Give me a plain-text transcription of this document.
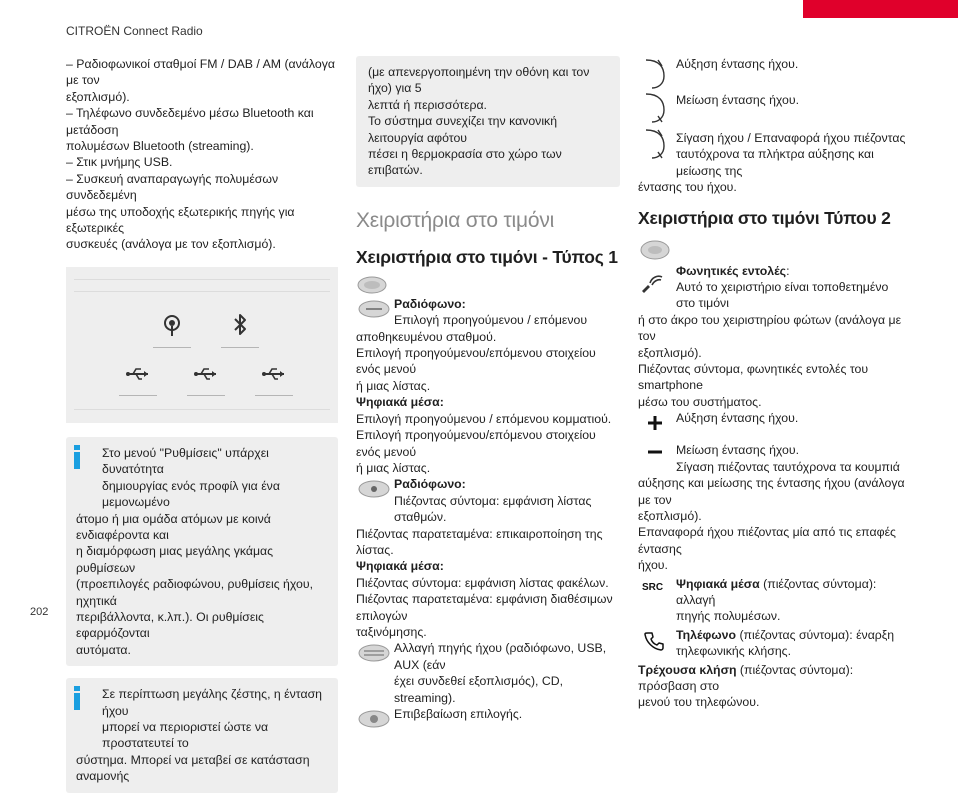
CITROËN Connect Radio

– Ραδιοφωνικοί σταθμοί FM / DAB / AM (ανάλογα με τον

εξοπλισμό).

– Τηλέφωνο συνδεδεμένο μέσω Bluetooth και μετάδοση

πολυμέσων Bluetooth (streaming).

– Στικ μνήμης USB.

– Συσκευή αναπαραγωγής πολυμέσων συνδεδεμένη

μέσω της υποδοχής εξωτερικής πηγής για εξωτερικές

συσκευές (ανάλογα με τον εξοπλισμό).

Στο μενού "Ρυθμίσεις" υπάρχει δυνατότητα

δημιουργίας ενός προφίλ για ένα μεμονωμένο

άτομο ή μια ομάδα ατόμων με κοινά ενδιαφέροντα και

η διαμόρφωση μιας μεγάλης γκάμας ρυθμίσεων

(προεπιλογές ραδιοφώνου, ρυθμίσεις ήχου, ηχητικά

περιβάλλοντα, κ.λπ.). Οι ρυθμίσεις εφαρμόζονται

αυτόματα.

Σε περίπτωση μεγάλης ζέστης, η ένταση ήχου

μπορεί να περιοριστεί ώστε να προστατευτεί το

σύστημα. Μπορεί να μεταβεί σε κατάσταση αναμονής

(με απενεργοποιημένη την οθόνη και τον ήχο) για 5

λεπτά ή περισσότερα.

Το σύστημα συνεχίζει την κανονική λειτουργία αφότου

πέσει η θερμοκρασία στο χώρο των επιβατών.

Χειριστήρια στο τιμόνι
Χειριστήρια στο τιμόνι - Τύπος 1

Ραδιόφωνο:

Επιλογή προηγούμενου / επόμενου

αποθηκευμένου σταθμού.

Επιλογή προηγούμενου/επόμενου στοιχείου ενός μενού

ή μιας λίστας.

Ψηφιακά μέσα:

Επιλογή προηγούμενου / επόμενου κομματιού.

Επιλογή προηγούμενου/επόμενου στοιχείου ενός μενού

ή μιας λίστας.

Ραδιόφωνο:

Πιέζοντας σύντομα: εμφάνιση λίστας σταθμών.

Πιέζοντας παρατεταμένα: επικαιροποίηση της λίστας.

Ψηφιακά μέσα:

Πιέζοντας σύντομα: εμφάνιση λίστας φακέλων.

Πιέζοντας παρατεταμένα: εμφάνιση διαθέσιμων επιλογών

ταξινόμησης.

Αλλαγή πηγής ήχου (ραδιόφωνο, USB, AUX (εάν

έχει συνδεθεί εξοπλισμός), CD, streaming).

Επιβεβαίωση επιλογής.

Αύξηση έντασης ήχου.

Μείωση έντασης ήχου.

Σίγαση ήχου / Επαναφορά ήχου πιέζοντας

ταυτόχρονα τα πλήκτρα αύξησης και μείωσης της

έντασης του ήχου.

Χειριστήρια στο τιμόνι Τύπου 2

Φωνητικές εντολές:

Αυτό το χειριστήριο είναι τοποθετημένο στο τιμόνι

ή στο άκρο του χειριστηρίου φώτων (ανάλογα με τον

εξοπλισμό).

Πιέζοντας σύντομα, φωνητικές εντολές του smartphone

μέσω του συστήματος.

Αύξηση έντασης ήχου.

Μείωση έντασης ήχου.

Σίγαση πιέζοντας ταυτόχρονα τα κουμπιά

αύξησης και μείωσης της έντασης ήχου (ανάλογα με τον

εξοπλισμό).

Επαναφορά ήχου πιέζοντας μία από τις επαφές έντασης

ήχου.

SRC	Ψηφιακά μέσα (πιέζοντας σύντομα): αλλαγή

πηγής πολυμέσων.

Τηλέφωνο (πιέζοντας σύντομα): έναρξη

τηλεφωνικής κλήσης.

Τρέχουσα κλήση (πιέζοντας σύντομα): πρόσβαση στο

μενού του τηλεφώνου.

202
